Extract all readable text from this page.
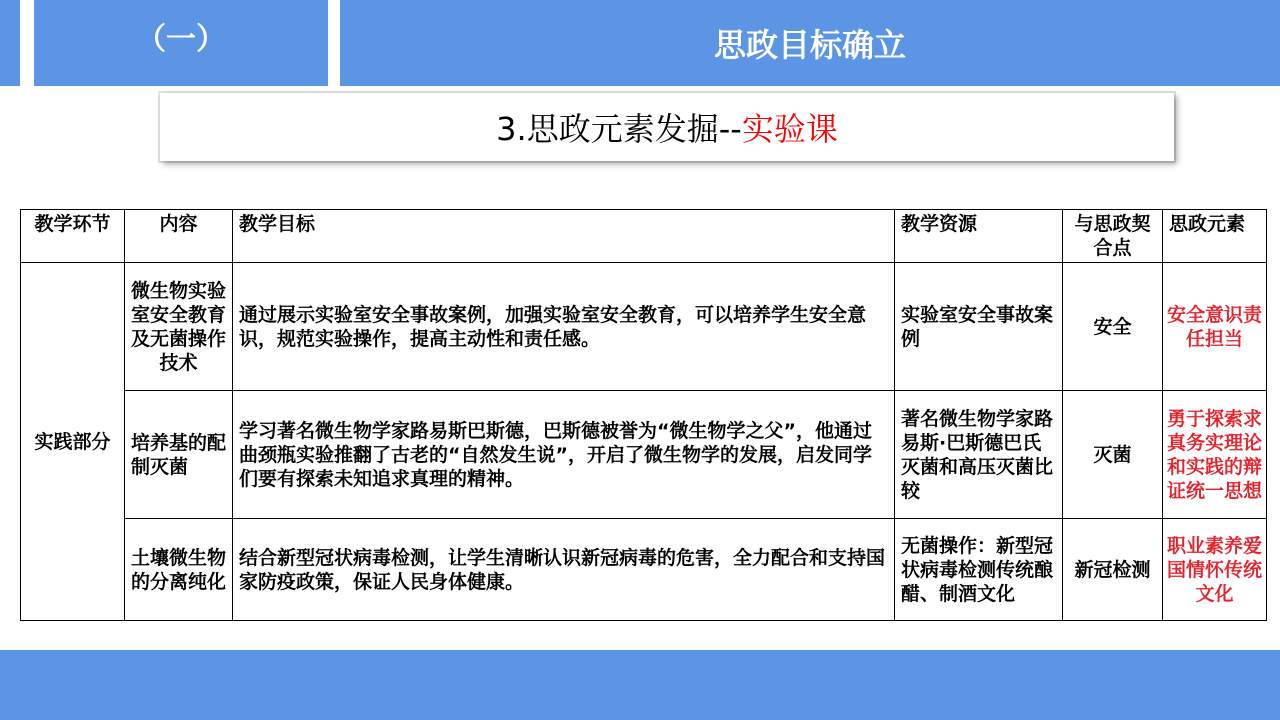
（一）	思政目标确立
3.思政元素发掘-- 实验课
教学环节	内容	教学目标	教学资源	与思政契合点	思政元素
实践部分	微生物实验室安全教育及无菌操作技术	通过展示实验室安全事故案例，加强实验室安全教育，可以培养学生安全意识，规范实验操作，提高主动性和责任感。	实验室安全事故案例	安全	安全意识责任担当
	培养基的配制灭菌	学习著名微生物学家路易斯巴斯德，巴斯德被誉为“微生物学之父”，他通过曲颈瓶实验推翻了古老的“自然发生说”，开启了微生物学的发展，启发同学们要有探索未知追求真理的精神。	著名微生物学家路易斯·巴斯德巴氏灭菌和高压灭菌比较	灭菌	勇于探索求真务实理论和实践的辩证统一思想
	土壤微生物的分离纯化	结合新型冠状病毒检测，让学生清晰认识新冠病毒的危害，全力配合和支持国家防疫政策，保证人民身体健康。	无菌操作：新型冠状病毒检测传统酿醋、制酒文化	新冠检测	职业素养爱国情怀传统文化
